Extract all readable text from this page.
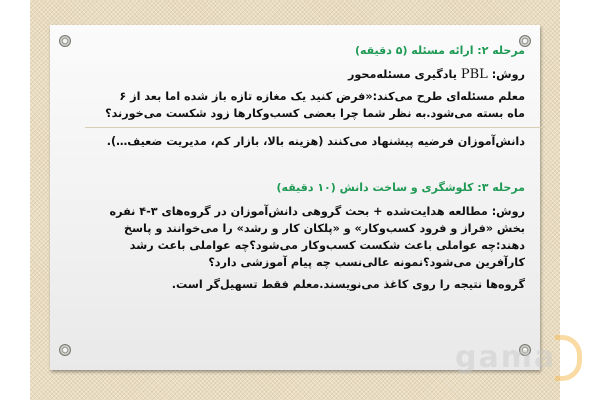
مرحله ۲: ارائه مسئله (۵ دقیقه)
روش: PBL یادگیری مسئله‌محور
معلم مسئله‌ای طرح می‌کند:«فرض کنید یک مغازه تازه باز شده اما بعد از ۶ ماه بسته می‌شود.به نظر شما چرا بعضی کسب‌وکارها زود شکست می‌خورند؟
دانش‌آموزان فرضیه پیشنهاد می‌کنند (هزینه بالا، بازار کم، مدیریت ضعیف…).
مرحله ۳: کلوشگری و ساخت دانش (۱۰ دقیقه)
روش: مطالعه هدایت‌شده + بحث گروهی دانش‌آموزان در گروه‌های ۳-۴ نفره بخش «فراز و فرود کسب‌وکار» و «پلکان کار و رشد» را می‌خوانند و پاسخ دهند:چه عواملی باعث شکست کسب‌وکار می‌شود؟چه عواملی باعث رشد کارآفرین می‌شود؟نمونه عالی‌نسب چه پیام آموزشی دارد؟
گروه‌ها نتیجه را روی کاغذ می‌نویسند.معلم فقط تسهیل‌گر است.
gama
